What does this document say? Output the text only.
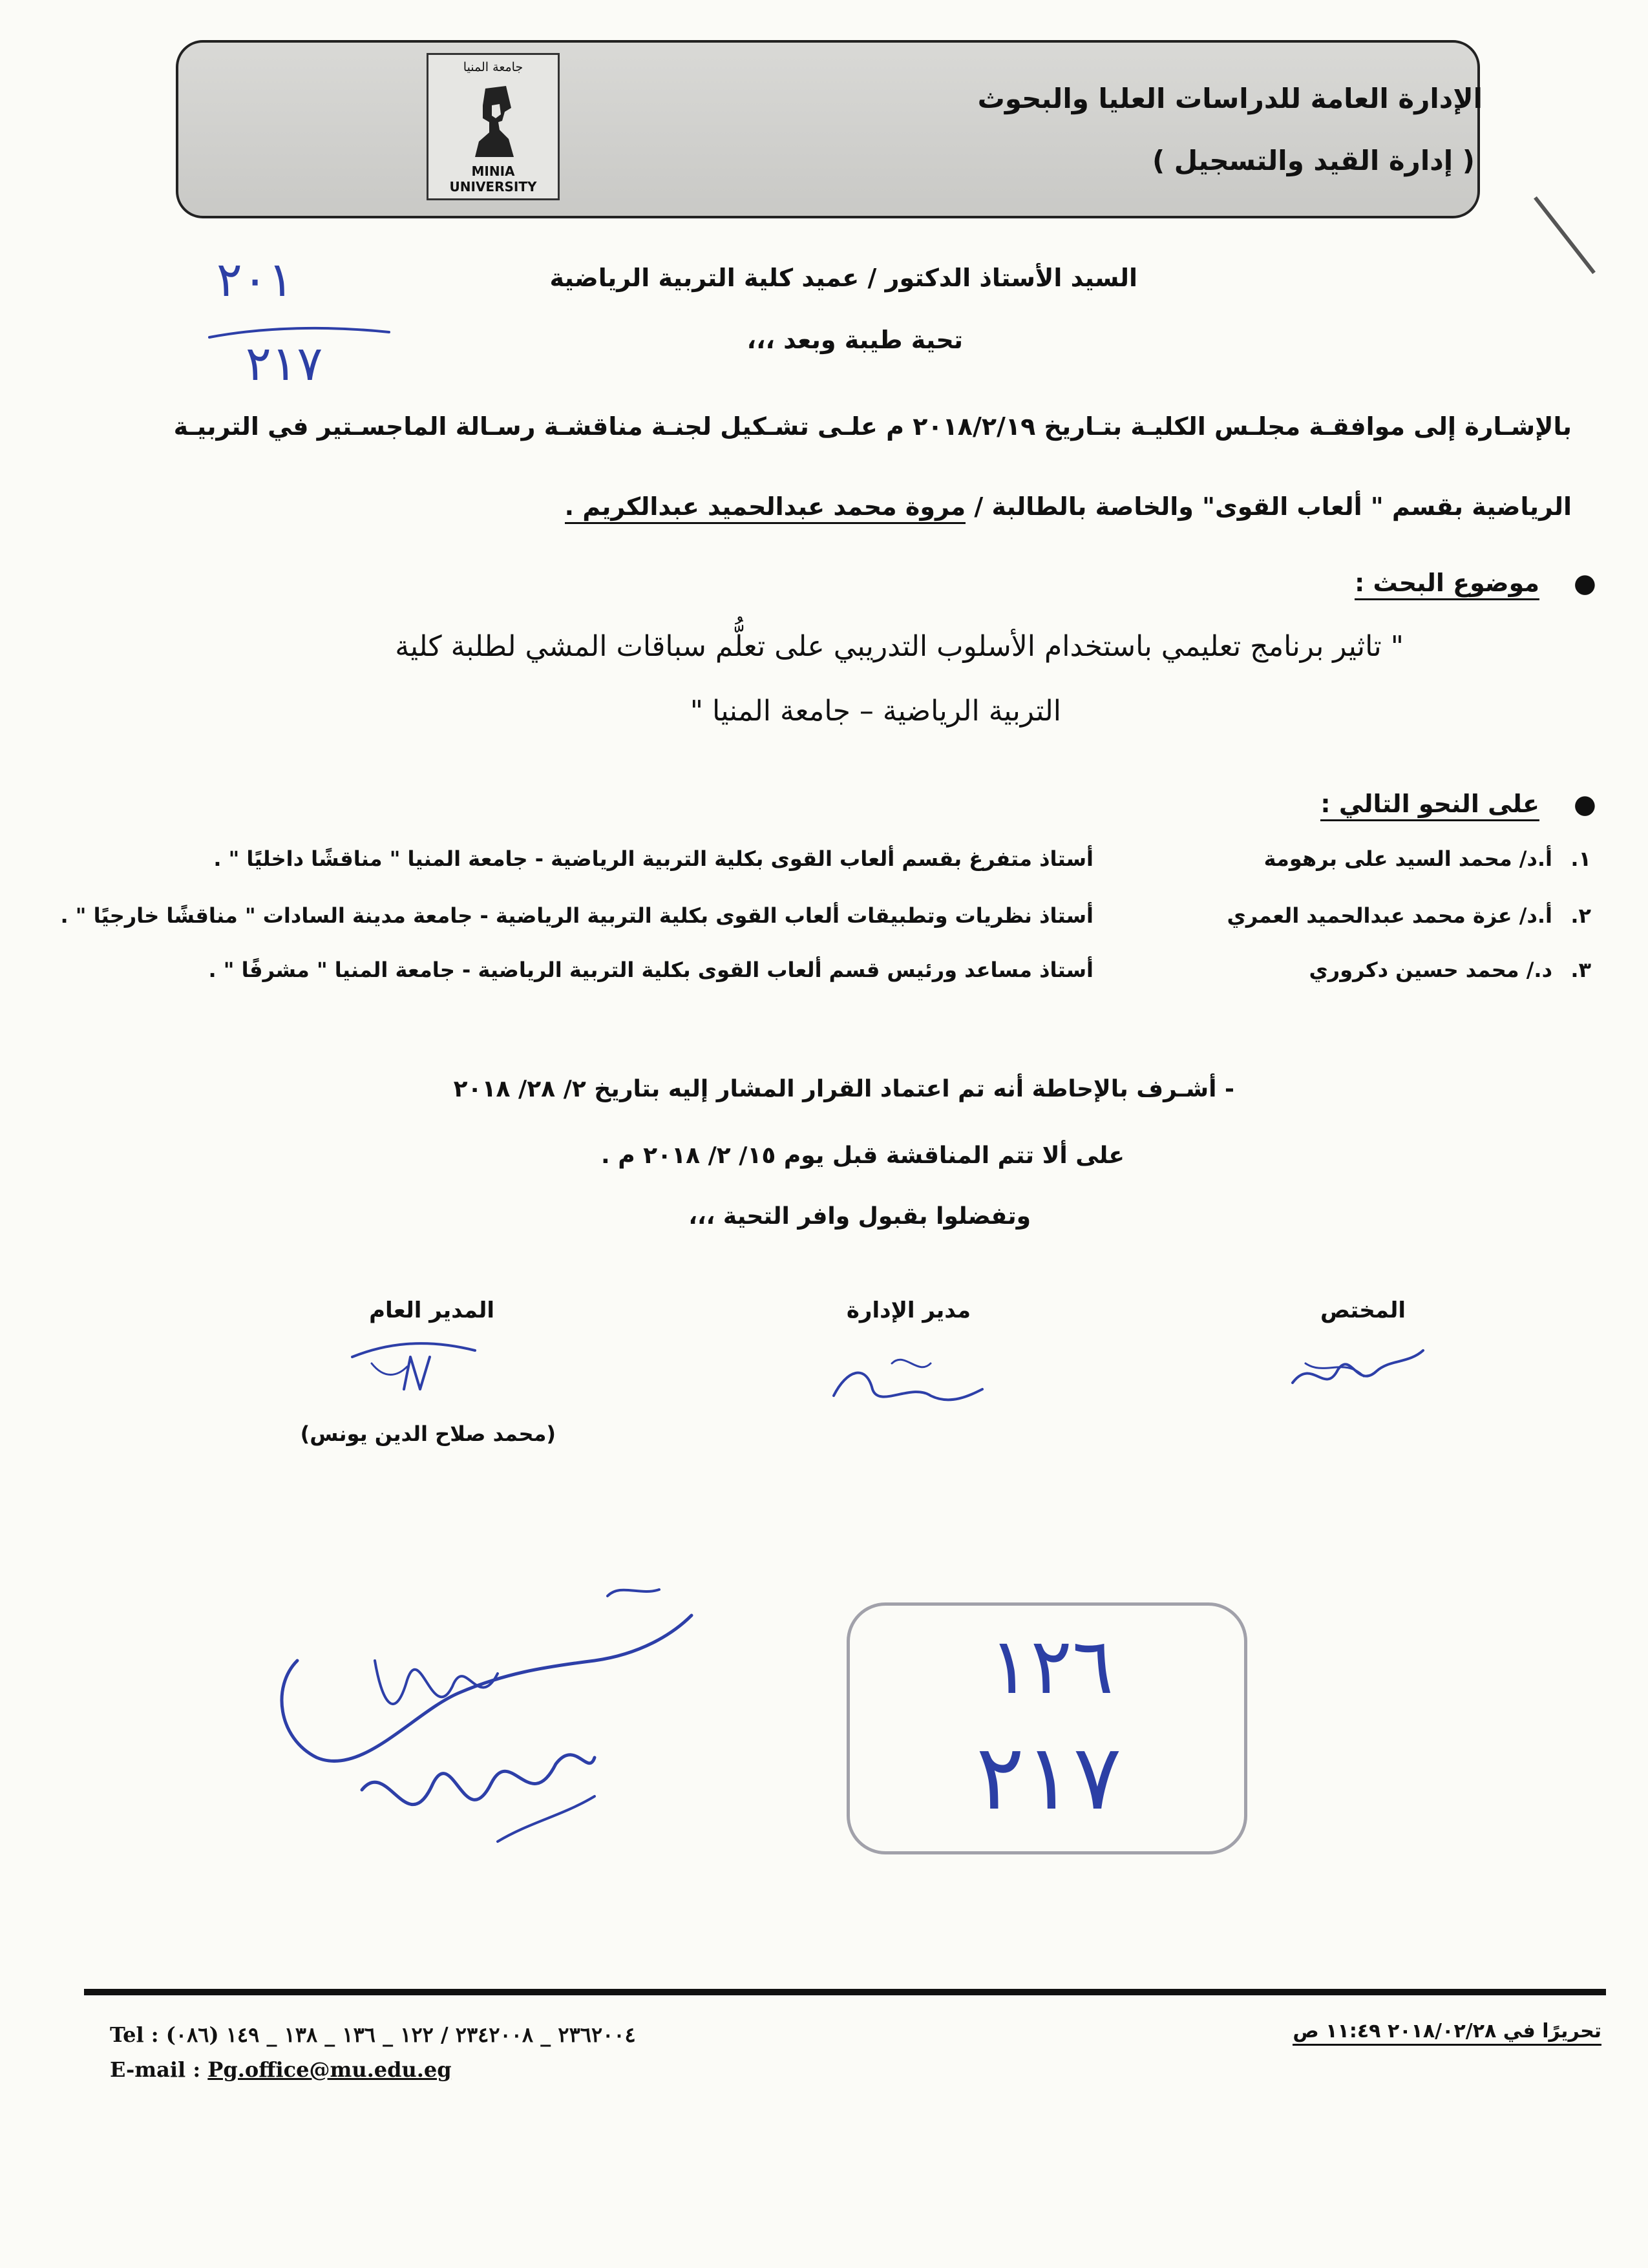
جامعة المنيا
MINIA UNIVERSITY
الإدارة العامة للدراسات العليا والبحوث
( إدارة القيد والتسجيل )
٢٠١
٢١٧
السيد الأستاذ الدكتور / عميد كلية التربية الرياضية
تحية طيبة وبعد ،،،
بالإشـارة إلى موافقـة مجلـس الكليـة بتـاريخ ٢٠١٨/٢/١٩ م علـى تشـكيل لجنـة مناقشـة رسـالة الماجسـتير في التربيـة
الرياضية بقسم " ألعاب القوى" والخاصة بالطالبة / مروة محمد عبدالحميد عبدالكريم .
●
موضوع البحث :
" تاثير برنامج تعليمي باستخدام الأسلوب التدريبي على تعلُّم سباقات المشي لطلبة كلية
التربية الرياضية – جامعة المنيا "
●
على النحو التالي :
١.
أ.د/ محمد السيد على برهومة
أستاذ متفرغ بقسم ألعاب القوى بكلية التربية الرياضية - جامعة المنيا " مناقشًا داخليًا " .
٢.
أ.د/ عزة محمد عبدالحميد العمري
أستاذ نظريات وتطبيقات ألعاب القوى بكلية التربية الرياضية - جامعة مدينة السادات " مناقشًا خارجيًا " .
٣.
د./ محمد حسين دكروري
أستاذ مساعد ورئيس قسم ألعاب القوى بكلية التربية الرياضية - جامعة المنيا " مشرفًا " .
- أشـرف بالإحاطة أنه تم اعتماد القرار المشار إليه بتاريخ ٢/ ٢٨/ ٢٠١٨
على ألا تتم المناقشة قبل يوم ١٥/ ٢/ ٢٠١٨ م .
وتفضلوا بقبول وافر التحية ،،،
المختص
مدير الإدارة
المدير العام
(محمد صلاح الدين يونس)
١٢٦
٢١٧
Tel : (٠٨٦) ٢٣٦٢٠٠٤ _ ٢٣٤٢٠٠٨ / ١٢٢ _ ١٣٦ _ ١٣٨ _ ١٤٩
E-mail : Pg.office@mu.edu.eg
تحريرًا في ٢٠١٨/٠٢/٢٨ ١١:٤٩ ص
